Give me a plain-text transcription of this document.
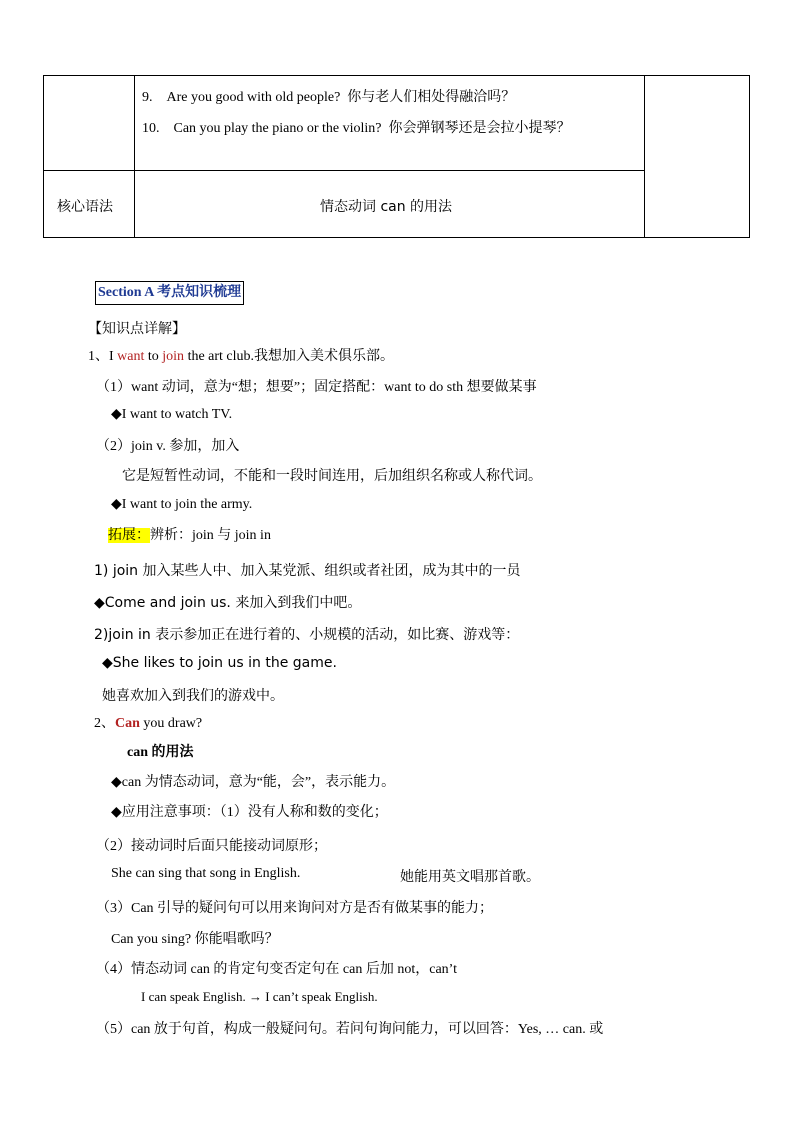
9. Are you good with old people? 你与老人们相处得融洽吗？
10. Can you play the piano or the violin? 你会弹钢琴还是会拉小提琴？
核心语法	情态动词 can 的用法
Section A 考点知识梳理
【知识点详解】
1、I want to join the art club.我想加入美术俱乐部。
（1）want 动词，意为“想；想要”；固定搭配：want to do sth 想要做某事
◆I want to watch TV.
（2）join v. 参加，加入
它是短暂性动词，不能和一段时间连用，后加组织名称或人称代词。
◆I want to join the army.
拓展：辨析：join 与 join in
1) join 加入某些人中、加入某党派、组织或者社团，成为其中的一员
◆Come and join us. 来加入到我们中吧。
2)join in 表示参加正在进行着的、小规模的活动，如比赛、游戏等：
◆She likes to join us in the game.
她喜欢加入到我们的游戏中。
2、Can you draw?
can 的用法
◆can 为情态动词，意为“能，会”，表示能力。
◆应用注意事项：（1）没有人称和数的变化；
（2）接动词时后面只能接动词原形；
She can sing that song in English.	她能用英文唱那首歌。
（3）Can 引导的疑问句可以用来询问对方是否有做某事的能力；
Can you sing? 你能唱歌吗？
（4）情态动词 can 的肯定句变否定句在 can 后加 not，can’t
I can speak English. → I can’t speak English.
（5）can 放于句首，构成一般疑问句。若问句询问能力，可以回答：Yes, … can. 或
